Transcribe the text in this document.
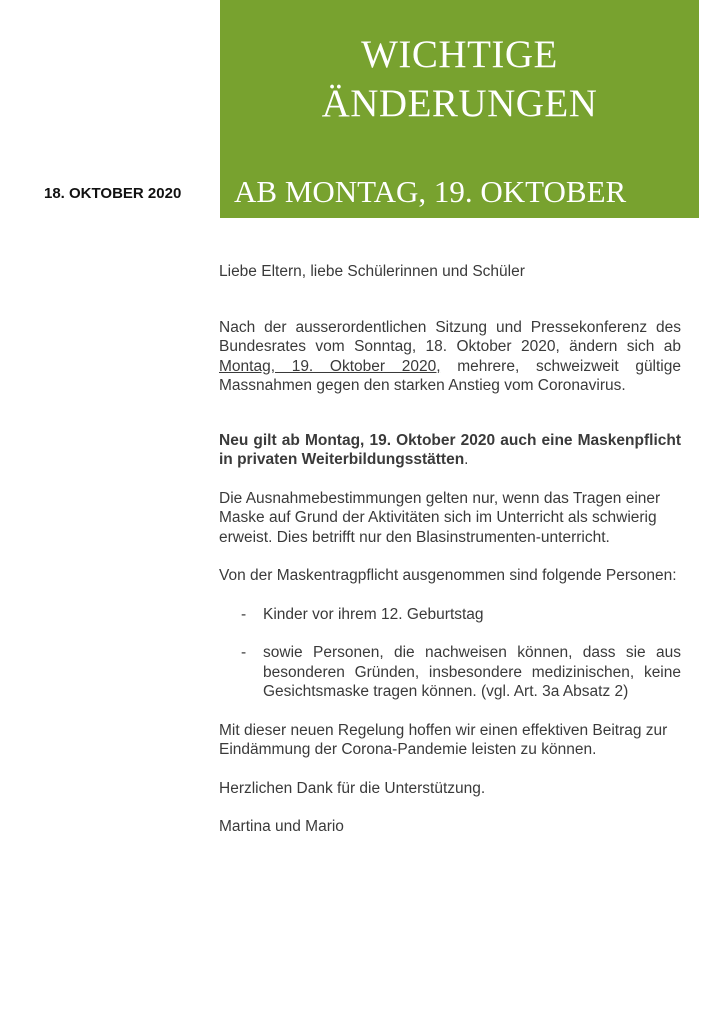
WICHTIGE
ÄNDERUNGEN
AB MONTAG, 19. OKTOBER
18. OKTOBER 2020

Liebe Eltern, liebe Schülerinnen und Schüler

Nach der ausserordentlichen Sitzung und Pressekonferenz des Bundesrates vom Sonntag, 18. Oktober 2020, ändern sich ab Montag, 19. Oktober 2020, mehrere, schweizweit gültige Massnahmen gegen den starken Anstieg vom Coronavirus.

Neu gilt ab Montag, 19. Oktober 2020 auch eine Maskenpflicht in privaten Weiterbildungsstätten.

Die Ausnahmebestimmungen gelten nur, wenn das Tragen einer Maske auf Grund der Aktivitäten sich im Unterricht als schwierig erweist. Dies betrifft nur den Blasinstrumenten-unterricht.

Von der Maskentragpflicht ausgenommen sind folgende Personen:

- Kinder vor ihrem 12. Geburtstag
- sowie Personen, die nachweisen können, dass sie aus besonderen Gründen, insbesondere medizinischen, keine Gesichtsmaske tragen können. (vgl. Art. 3a Absatz 2)

Mit dieser neuen Regelung hoffen wir einen effektiven Beitrag zur Eindämmung der Corona-Pandemie leisten zu können.

Herzlichen Dank für die Unterstützung.

Martina und Mario
